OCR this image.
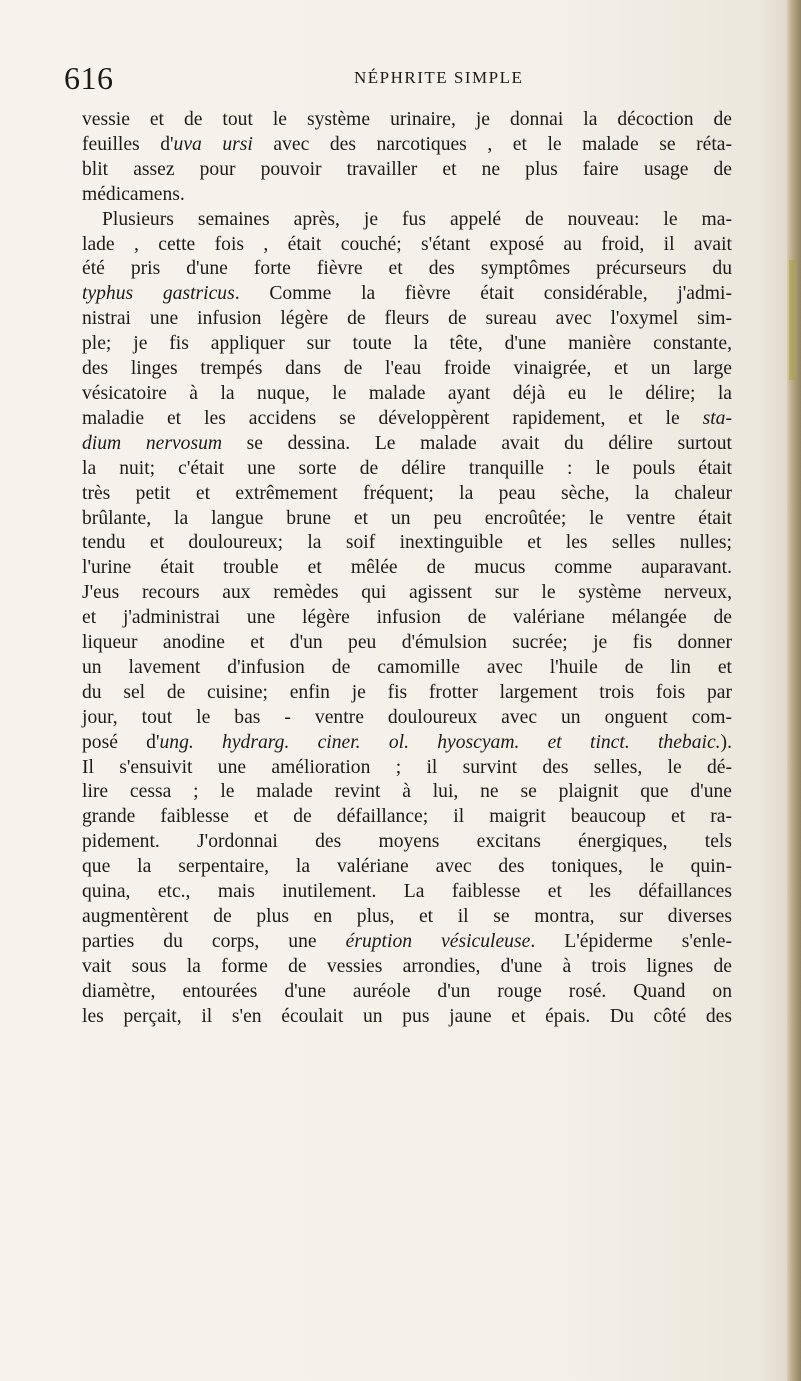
616	NÉPHRITE SIMPLE
vessie et de tout le système urinaire, je donnai la décoction de
feuilles d'uva ursi avec des narcotiques , et le malade se réta-
blit assez pour pouvoir travailler et ne plus faire usage de
médicamens.
Plusieurs semaines après, je fus appelé de nouveau: le ma-
lade , cette fois , était couché; s'étant exposé au froid, il avait
été pris d'une forte fièvre et des symptômes précurseurs du
typhus gastricus. Comme la fièvre était considérable, j'admi-
nistrai une infusion légère de fleurs de sureau avec l'oxymel sim-
ple; je fis appliquer sur toute la tête, d'une manière constante,
des linges trempés dans de l'eau froide vinaigrée, et un large
vésicatoire à la nuque, le malade ayant déjà eu le délire; la
maladie et les accidens se développèrent rapidement, et le sta-
dium nervosum se dessina. Le malade avait du délire surtout
la nuit; c'était une sorte de délire tranquille : le pouls était
très petit et extrêmement fréquent; la peau sèche, la chaleur
brûlante, la langue brune et un peu encroûtée; le ventre était
tendu et douloureux; la soif inextinguible et les selles nulles;
l'urine était trouble et mêlée de mucus comme auparavant.
J'eus recours aux remèdes qui agissent sur le système nerveux,
et j'administrai une légère infusion de valériane mélangée de
liqueur anodine et d'un peu d'émulsion sucrée; je fis donner
un lavement d'infusion de camomille avec l'huile de lin et
du sel de cuisine; enfin je fis frotter largement trois fois par
jour, tout le bas - ventre douloureux avec un onguent com-
posé d'ung. hydrarg. ciner. ol. hyoscyam. et tinct. thebaic.).
Il s'ensuivit une amélioration ; il survint des selles, le dé-
lire cessa ; le malade revint à lui, ne se plaignit que d'une
grande faiblesse et de défaillance; il maigrit beaucoup et ra-
pidement. J'ordonnai des moyens excitans énergiques, tels
que la serpentaire, la valériane avec des toniques, le quin-
quina, etc., mais inutilement. La faiblesse et les défaillances
augmentèrent de plus en plus, et il se montra, sur diverses
parties du corps, une éruption vésiculeuse. L'épiderme s'enle-
vait sous la forme de vessies arrondies, d'une à trois lignes de
diamètre, entourées d'une auréole d'un rouge rosé. Quand on
les perçait, il s'en écoulait un pus jaune et épais. Du côté des
